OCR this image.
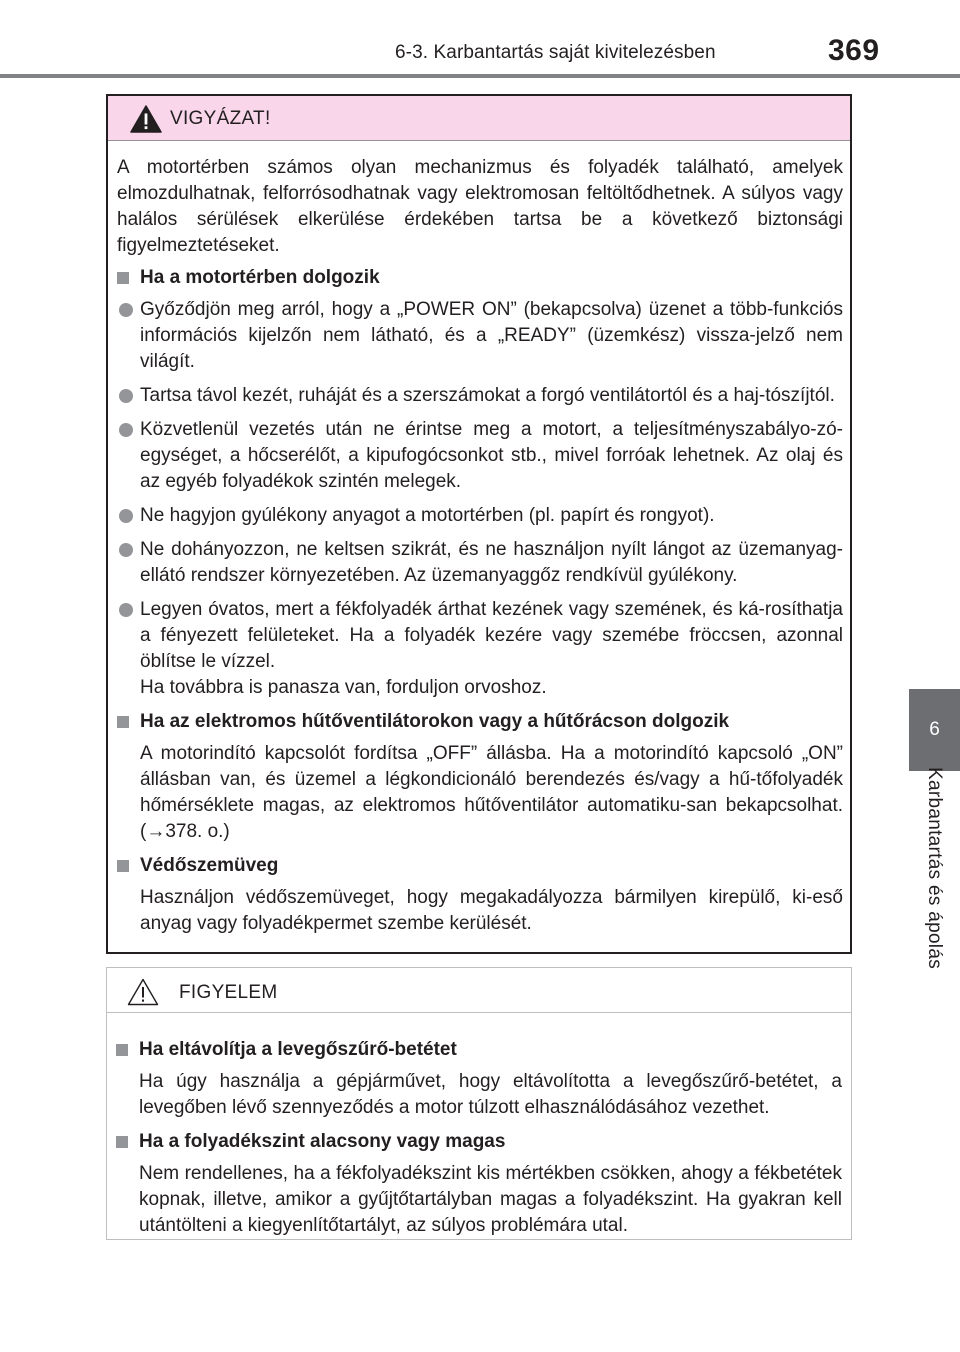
6-3. Karbantartás saját kivitelezésben	369
6
Karbantartás és ápolás
VIGYÁZAT!

A motortérben számos olyan mechanizmus és folyadék található, amelyek elmozdulhatnak, felforrósodhatnak vagy elektromosan feltöltődhetnek. A súlyos vagy halálos sérülések elkerülése érdekében tartsa be a következő biztonsági figyelmeztetéseket.

Ha a motortérben dolgozik
Győződjön meg arról, hogy a „POWER ON” (bekapcsolva) üzenet a több-funkciós információs kijelzőn nem látható, és a „READY” (üzemkész) vissza-jelző nem világít.
Tartsa távol kezét, ruháját és a szerszámokat a forgó ventilátortól és a haj-tószíjtól.
Közvetlenül vezetés után ne érintse meg a motort, a teljesítményszabályo-zó-egységet, a hőcserélőt, a kipufogócsonkot stb., mivel forróak lehetnek. Az olaj és az egyéb folyadékok szintén melegek.
Ne hagyjon gyúlékony anyagot a motortérben (pl. papírt és rongyot).
Ne dohányozzon, ne keltsen szikrát, és ne használjon nyílt lángot az üzemanyag-ellátó rendszer környezetében. Az üzemanyaggőz rendkívül gyúlékony.
Legyen óvatos, mert a fékfolyadék árthat kezének vagy szemének, és ká-rosíthatja a fényezett felületeket. Ha a folyadék kezére vagy szemébe fröccsen, azonnal öblítse le vízzel.
Ha továbbra is panasza van, forduljon orvoshoz.
Ha az elektromos hűtőventilátorokon vagy a hűtőrácson dolgozik

A motorindító kapcsolót fordítsa „OFF” állásba. Ha a motorindító kapcsoló „ON” állásban van, és üzemel a légkondicionáló berendezés és/vagy a hű-tőfolyadék hőmérséklete magas, az elektromos hűtőventilátor automatiku-san bekapcsolhat. (→378. o.)

Védőszemüveg

Használjon védőszemüveget, hogy megakadályozza bármilyen kirepülő, ki-eső anyag vagy folyadékpermet szembe kerülését.

FIGYELEM
Ha eltávolítja a levegőszűrő-betétet

Ha úgy használja a gépjárművet, hogy eltávolította a levegőszűrő-betétet, a levegőben lévő szennyeződés a motor túlzott elhasználódásához vezethet.

Ha a folyadékszint alacsony vagy magas

Nem rendellenes, ha a fékfolyadékszint kis mértékben csökken, ahogy a fékbetétek kopnak, illetve, amikor a gyűjtőtartályban magas a folyadékszint. Ha gyakran kell utántölteni a kiegyenlítőtartályt, az súlyos problémára utal.
